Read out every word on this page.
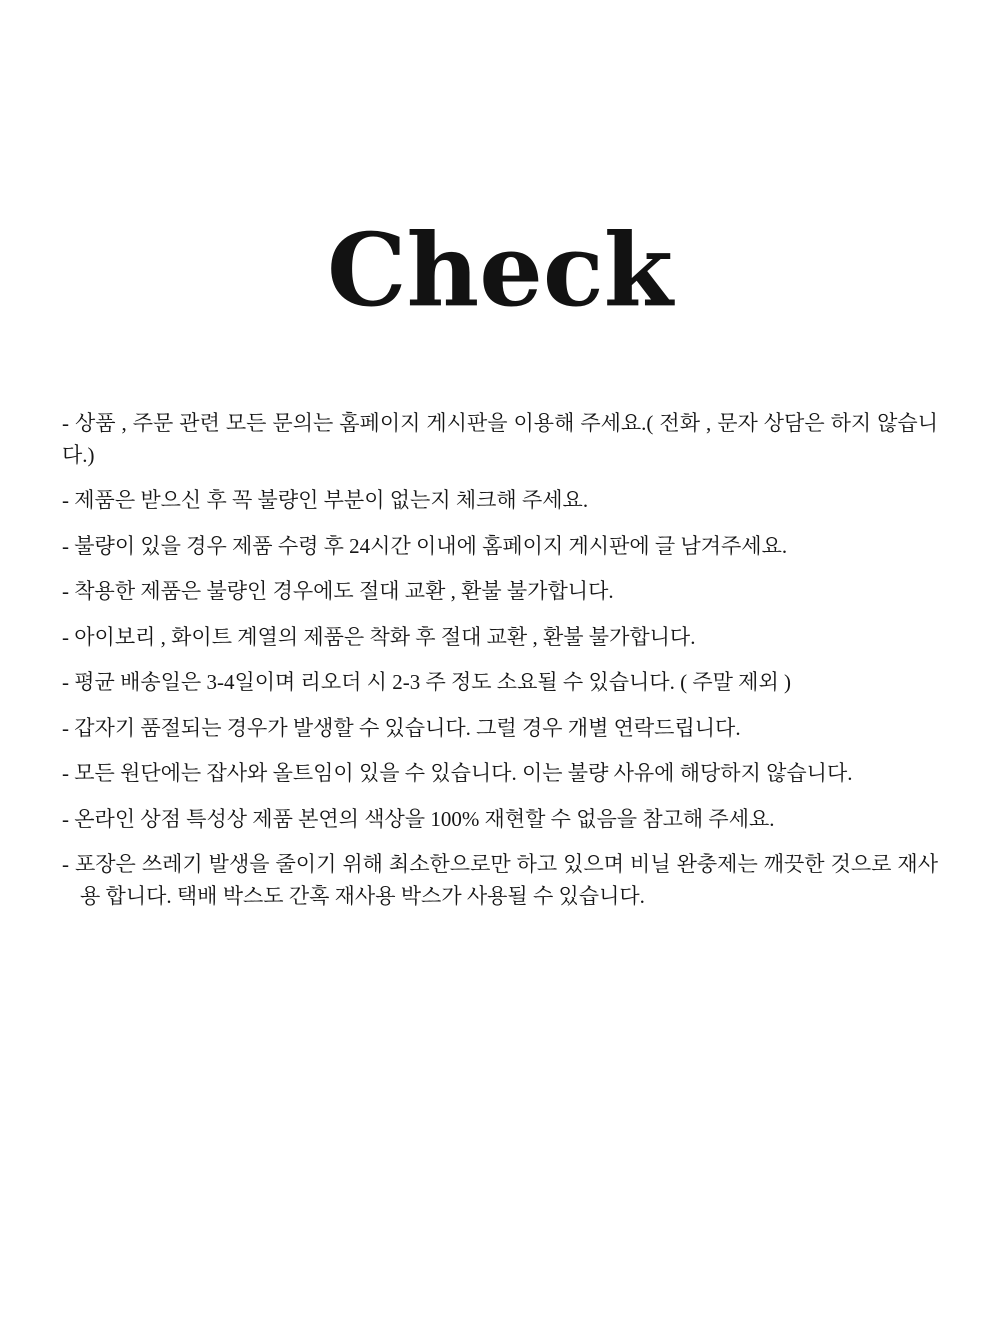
Check

- 상품 , 주문 관련 모든 문의는 홈페이지 게시판을 이용해 주세요.( 전화 , 문자 상담은 하지 않습니다.)

- 제품은 받으신 후 꼭 불량인 부분이 없는지 체크해 주세요.

- 불량이 있을 경우 제품 수령 후 24시간 이내에 홈페이지 게시판에 글 남겨주세요.

- 착용한 제품은 불량인 경우에도 절대 교환 , 환불 불가합니다.

- 아이보리 , 화이트 계열의 제품은 착화 후 절대 교환 , 환불 불가합니다.

- 평균 배송일은 3-4일이며 리오더 시 2-3 주 정도 소요될 수 있습니다. ( 주말 제외 )

- 갑자기 품절되는 경우가 발생할 수 있습니다. 그럴 경우 개별 연락드립니다.

- 모든 원단에는 잡사와 올트임이 있을 수 있습니다. 이는 불량 사유에 해당하지 않습니다.

- 온라인 상점 특성상 제품 본연의 색상을 100% 재현할 수 없음을 참고해 주세요.

- 포장은 쓰레기 발생을 줄이기 위해 최소한으로만 하고 있으며 비닐 완충제는 깨끗한 것으로 재사용 합니다. 택배 박스도 간혹 재사용 박스가 사용될 수 있습니다.
